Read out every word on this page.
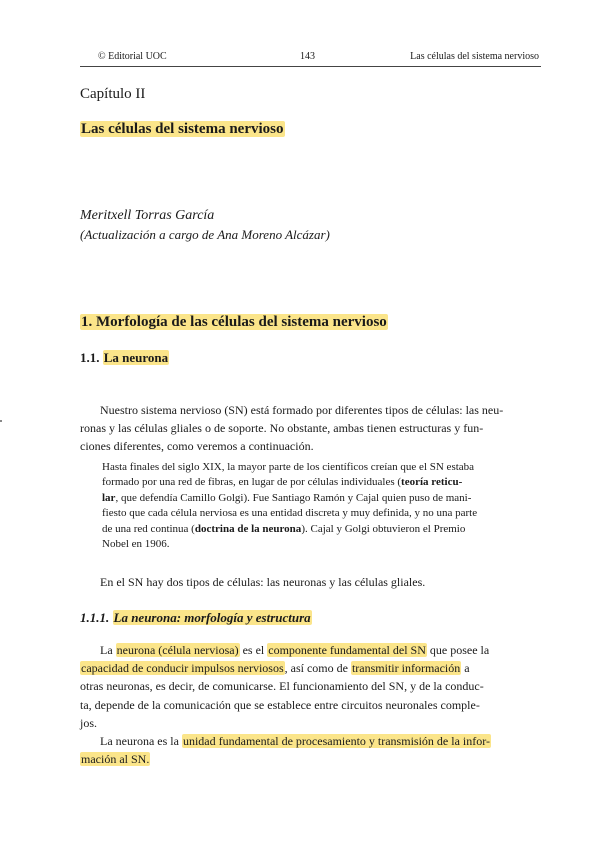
© Editorial UOC	143	Las células del sistema nervioso
Capítulo II
Las células del sistema nervioso
Meritxell Torras García
(Actualización a cargo de Ana Moreno Alcázar)
1. Morfología de las células del sistema nervioso
1.1. La neurona
Nuestro sistema nervioso (SN) está formado por diferentes tipos de células: las neu-
ronas y las células gliales o de soporte. No obstante, ambas tienen estructuras y fun-
ciones diferentes, como veremos a continuación.
Hasta finales del siglo XIX, la mayor parte de los científicos creían que el SN estaba
formado por una red de fibras, en lugar de por células individuales (teoría reticu-
lar, que defendía Camillo Golgi). Fue Santiago Ramón y Cajal quien puso de mani-
fiesto que cada célula nerviosa es una entidad discreta y muy definida, y no una parte
de una red continua (doctrina de la neurona). Cajal y Golgi obtuvieron el Premio
Nobel en 1906.
En el SN hay dos tipos de células: las neuronas y las células gliales.
1.1.1. La neurona: morfología y estructura
La neurona (célula nerviosa) es el componente fundamental del SN que posee la
capacidad de conducir impulsos nerviosos, así como de transmitir información a
otras neuronas, es decir, de comunicarse. El funcionamiento del SN, y de la conduc-
ta, depende de la comunicación que se establece entre circuitos neuronales comple-
jos.
La neurona es la unidad fundamental de procesamiento y transmisión de la infor-
mación al SN.
